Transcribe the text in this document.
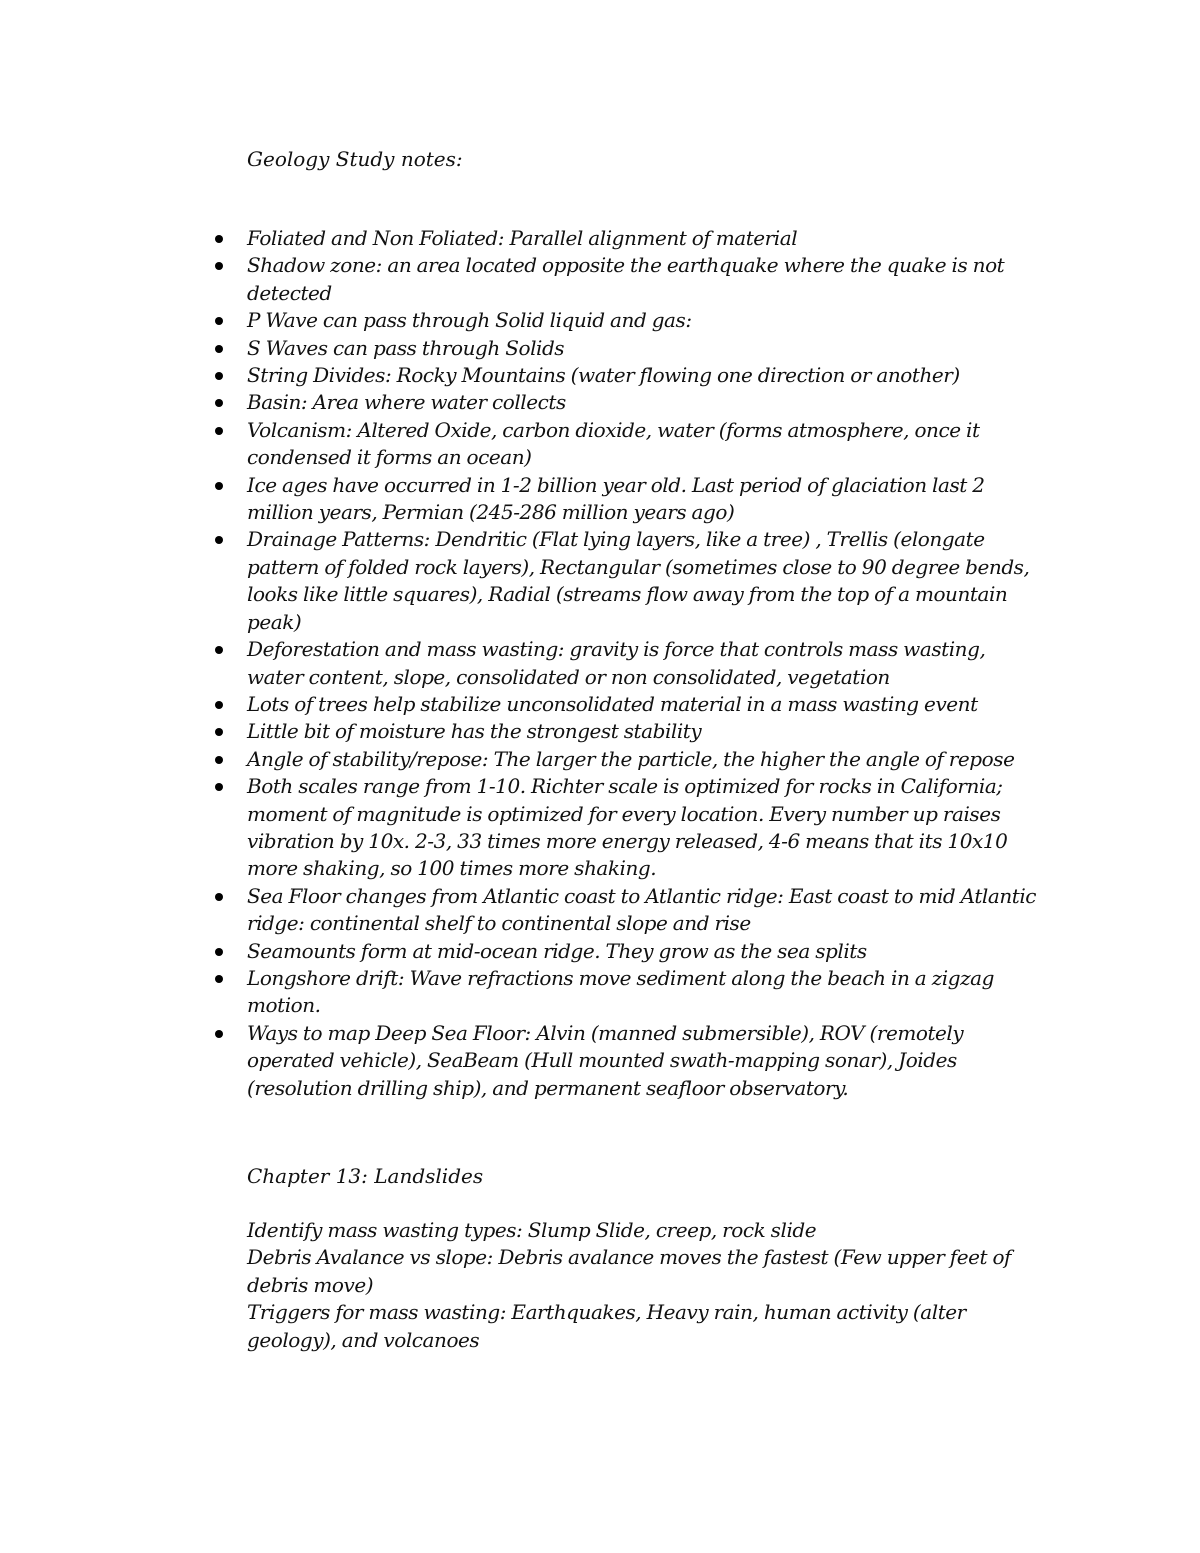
Geology Study notes:
Foliated and Non Foliated: Parallel alignment of material
Shadow zone: an area located opposite the earthquake where the quake is not detected
P Wave can pass through Solid liquid and gas:
S Waves can pass through Solids
String Divides: Rocky Mountains (water flowing one direction or another)
Basin: Area where water collects
Volcanism: Altered Oxide, carbon dioxide, water (forms atmosphere, once it condensed it forms an ocean)
Ice ages have occurred in 1-2 billion year old. Last period of glaciation last 2 million years, Permian (245-286 million years ago)
Drainage Patterns: Dendritic (Flat lying layers, like a tree) , Trellis (elongate pattern of folded rock layers), Rectangular (sometimes close to 90 degree bends, looks like little squares), Radial (streams flow away from the top of a mountain peak)
Deforestation and mass wasting: gravity is force that controls mass wasting, water content, slope, consolidated or non consolidated, vegetation
Lots of trees help stabilize unconsolidated material in a mass wasting event
Little bit of moisture has the strongest stability
Angle of stability/repose: The larger the particle, the higher the angle of repose
Both scales range from 1-10. Richter scale is optimized for rocks in California; moment of magnitude is optimized for every location. Every number up raises vibration by 10x. 2-3, 33 times more energy released, 4-6 means that its 10x10 more shaking, so 100 times more shaking.
Sea Floor changes from Atlantic coast to Atlantic ridge: East coast to mid Atlantic ridge: continental shelf to continental slope and rise
Seamounts form at mid-ocean ridge. They grow as the sea splits
Longshore drift: Wave refractions move sediment along the beach in a zigzag motion.
Ways to map Deep Sea Floor: Alvin (manned submersible), ROV (remotely operated vehicle), SeaBeam (Hull mounted swath-mapping sonar), Joides (resolution drilling ship), and permanent seafloor observatory.
Chapter 13: Landslides

Identify mass wasting types: Slump Slide, creep, rock slide

Debris Avalance vs slope: Debris avalance moves the fastest (Few upper feet of debris move)

Triggers for mass wasting: Earthquakes, Heavy rain, human activity (alter geology), and volcanoes
